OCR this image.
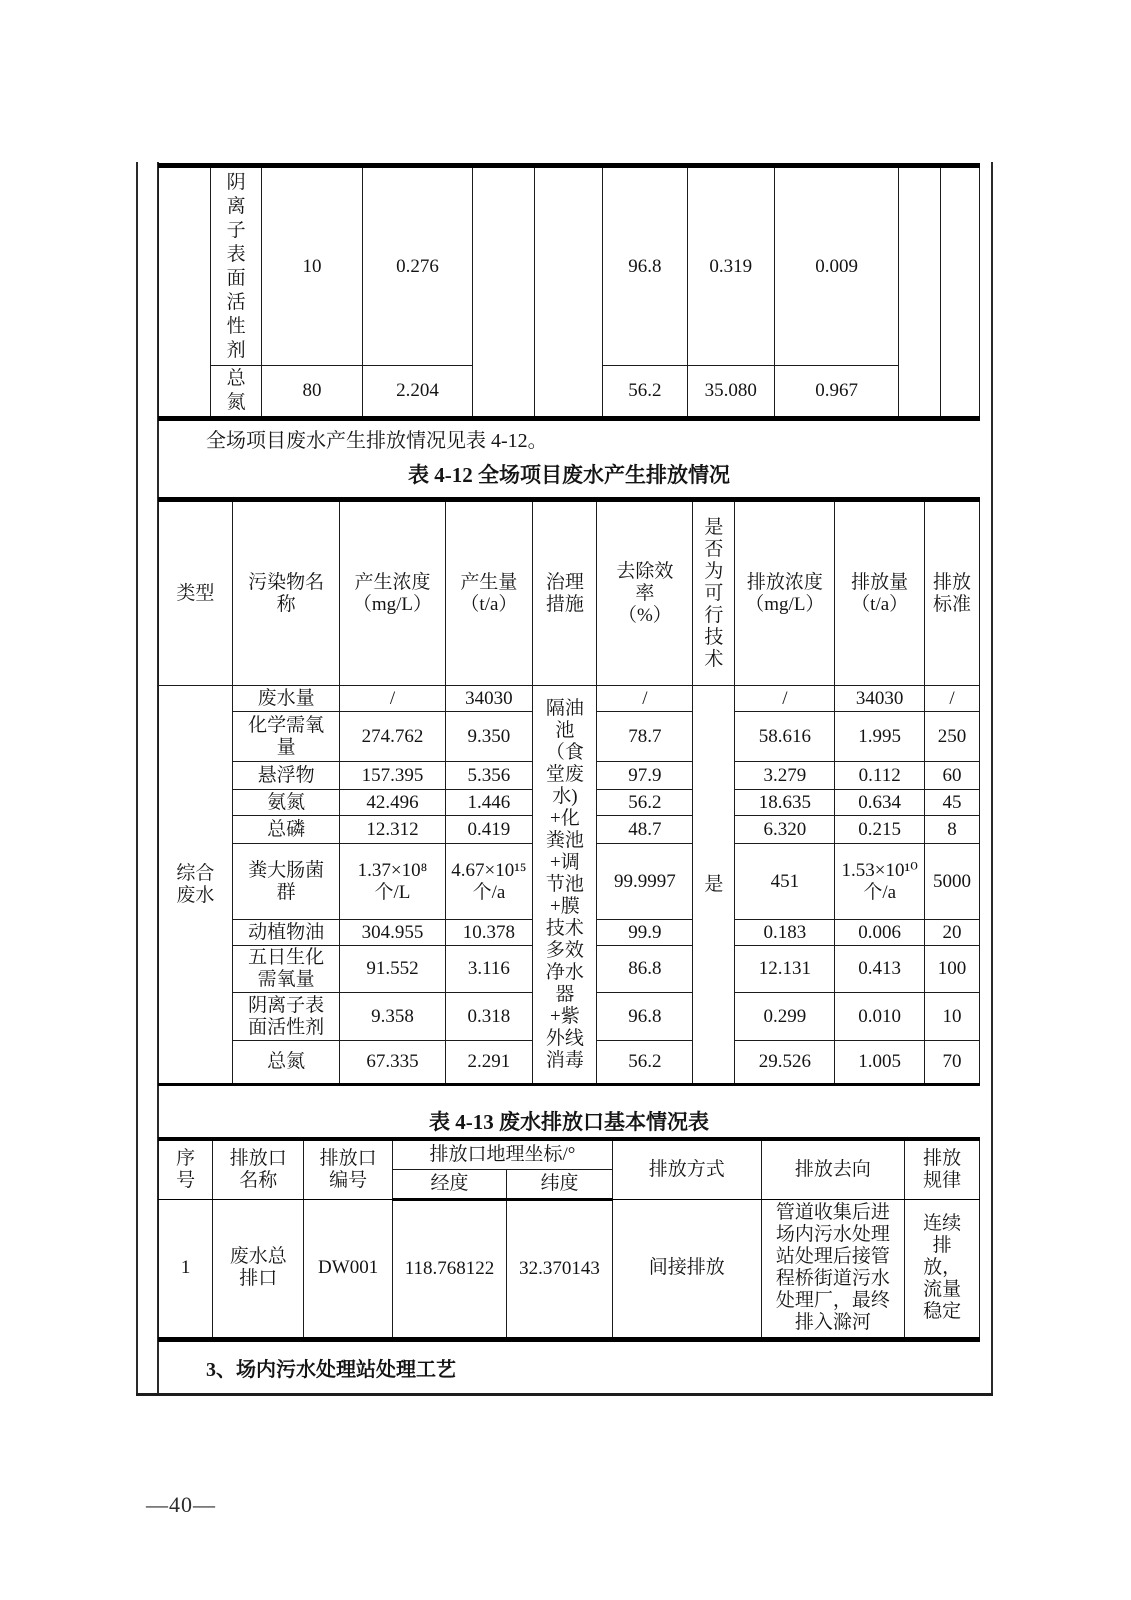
	阴离子表面活性剂	10	0.276			96.8	0.319	0.009		

	总氮	80	2.204			56.2	35.080	0.967		
全场项目废水产生排放情况见表 4-12。
表 4-12 全场项目废水产生排放情况
类型	污染物名称	产生浓度（mg/L）	产生量（t/a）	治理措施	去除效率（%）	是否为可行技术	排放浓度（mg/L）	排放量（t/a）	排放标准

综合废水	废水量	/	34030	隔油池（食堂废水)+化粪池+调节池+膜技术多效净水器+紫外线消毒	/	是	/	34030	/

	化学需氧量	274.762	9.350		78.7		58.616	1.995	250

	悬浮物	157.395	5.356		97.9		3.279	0.112	60

	氨氮	42.496	1.446		56.2		18.635	0.634	45

	总磷	12.312	0.419		48.7		6.320	0.215	8

	粪大肠菌群	1.37×10⁸个/L	4.67×10¹⁵个/a		99.9997		451	1.53×10¹⁰个/a	5000

	动植物油	304.955	10.378		99.9		0.183	0.006	20

	五日生化需氧量	91.552	3.116		86.8		12.131	0.413	100

	阴离子表面活性剂	9.358	0.318		96.8		0.299	0.010	10

	总氮	67.335	2.291		56.2		29.526	1.005	70
表 4-13 废水排放口基本情况表
序号	排放口名称	排放口编号	排放口地理坐标/°		排放方式	排放去向	排放规律

			经度	纬度			
1	废水总排口	DW001	118.768122	32.370143	间接排放	管道收集后进场内污水处理站处理后接管程桥街道污水处理厂，最终排入滁河	连续排放，流量稳定
3、场内污水处理站处理工艺
—40—
